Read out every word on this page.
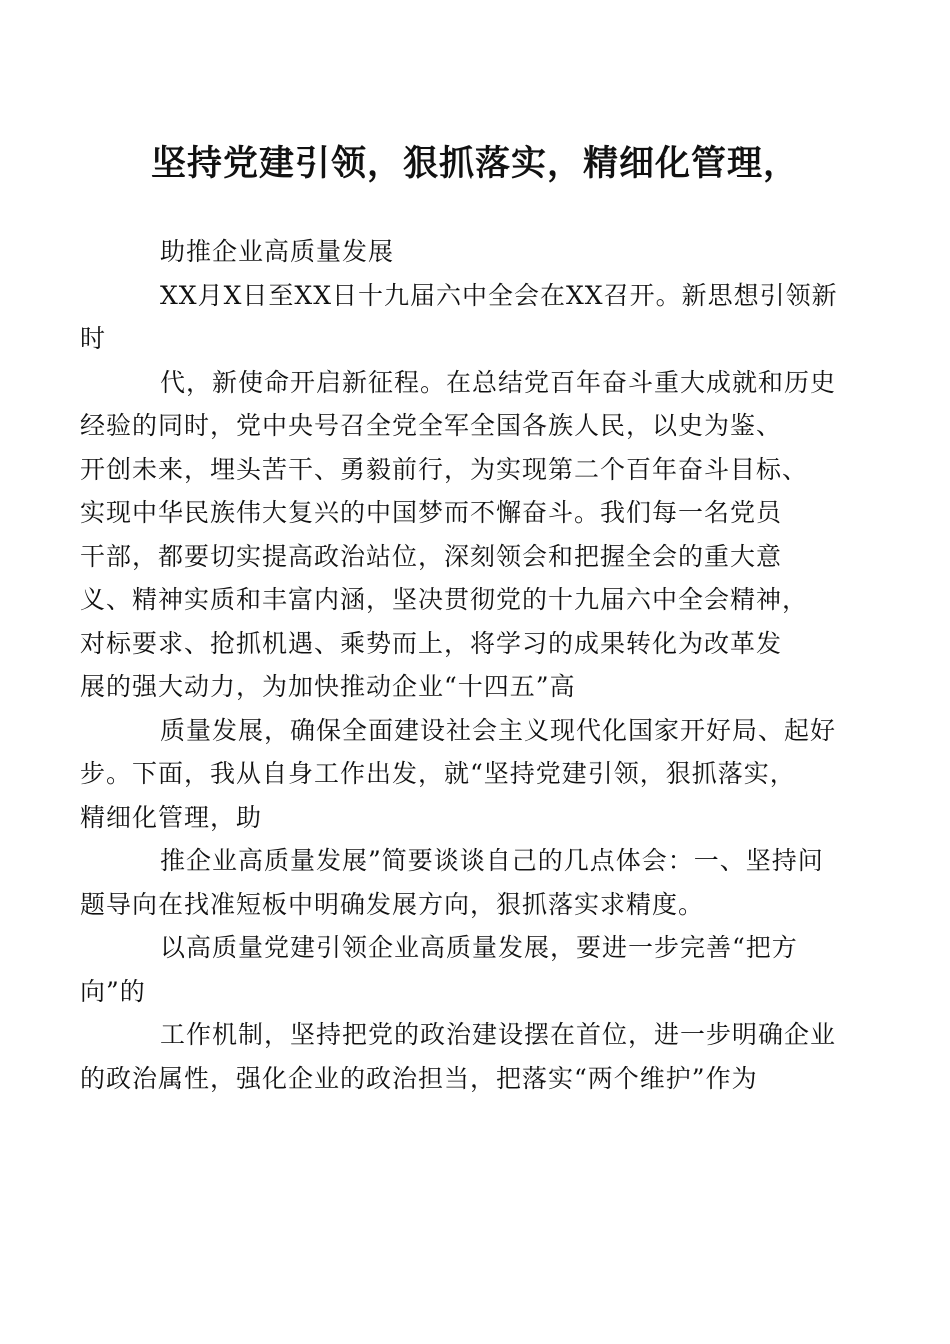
坚持党建引领，狠抓落实，精细化管理，

助推企业高质量发展

XX月X日至XX日十九届六中全会在XX召开。新思想引领新
时

代，新使命开启新征程。在总结党百年奋斗重大成就和历史
经验的同时，党中央号召全党全军全国各族人民，以史为鉴、
开创未来，埋头苦干、勇毅前行，为实现第二个百年奋斗目标、
实现中华民族伟大复兴的中国梦而不懈奋斗。我们每一名党员
干部，都要切实提高政治站位，深刻领会和把握全会的重大意
义、精神实质和丰富内涵，坚决贯彻党的十九届六中全会精神，
对标要求、抢抓机遇、乘势而上，将学习的成果转化为改革发
展的强大动力，为加快推动企业“十四五”高

质量发展，确保全面建设社会主义现代化国家开好局、起好
步。下面，我从自身工作出发，就“坚持党建引领，狠抓落实，
精细化管理，助

推企业高质量发展”简要谈谈自己的几点体会：一、坚持问
题导向在找准短板中明确发展方向，狠抓落实求精度。

以高质量党建引领企业高质量发展，要进一步完善“把方
向”的

工作机制，坚持把党的政治建设摆在首位，进一步明确企业
的政治属性，强化企业的政治担当，把落实“两个维护”作为
